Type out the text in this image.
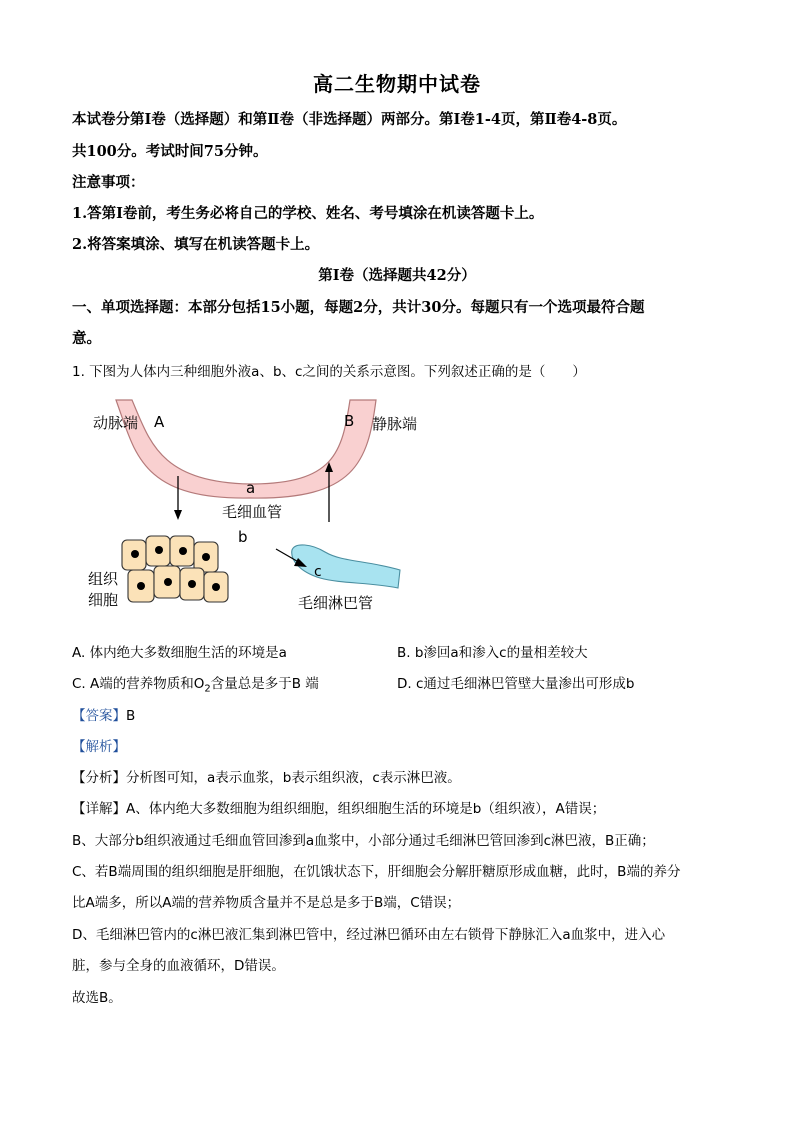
高二生物期中试卷
本试卷分第Ⅰ卷（选择题）和第Ⅱ卷（非选择题）两部分。第Ⅰ卷1-4页，第Ⅱ卷4-8页。
共100分。考试时间75分钟。
注意事项：
1.答第Ⅰ卷前，考生务必将自己的学校、姓名、考号填涂在机读答题卡上。
2.将答案填涂、填写在机读答题卡上。
第Ⅰ卷（选择题共42分）
一、单项选择题：本部分包括15小题，每题2分，共计30分。每题只有一个选项最符合题
意。
1. 下图为人体内三种细胞外液a、b、c之间的关系示意图。下列叙述正确的是（　　）
动脉端 A	B 静脉端
a
毛细血管
b
c
组织
细胞	毛细淋巴管
A. 体内绝大多数细胞生活的环境是a	B. b渗回a和渗入c的量相差较大
C. A端的营养物质和$O_2$含量总是多于B 端	D. c通过毛细淋巴管壁大量渗出可形成b
【答案】B
【解析】
【分析】分析图可知，a表示血浆，b表示组织液，c表示淋巴液。
【详解】A、体内绝大多数细胞为组织细胞，组织细胞生活的环境是b（组织液），A错误；
B、大部分b组织液通过毛细血管回渗到a血浆中，小部分通过毛细淋巴管回渗到c淋巴液，B正确；
C、若B端周围的组织细胞是肝细胞，在饥饿状态下，肝细胞会分解肝糖原形成血糖，此时，B端的养分
比A端多，所以A端的营养物质含量并不是总是多于B端，C错误；
D、毛细淋巴管内的c淋巴液汇集到淋巴管中，经过淋巴循环由左右锁骨下静脉汇入a血浆中，进入心
脏，参与全身的血液循环，D错误。
故选B。
